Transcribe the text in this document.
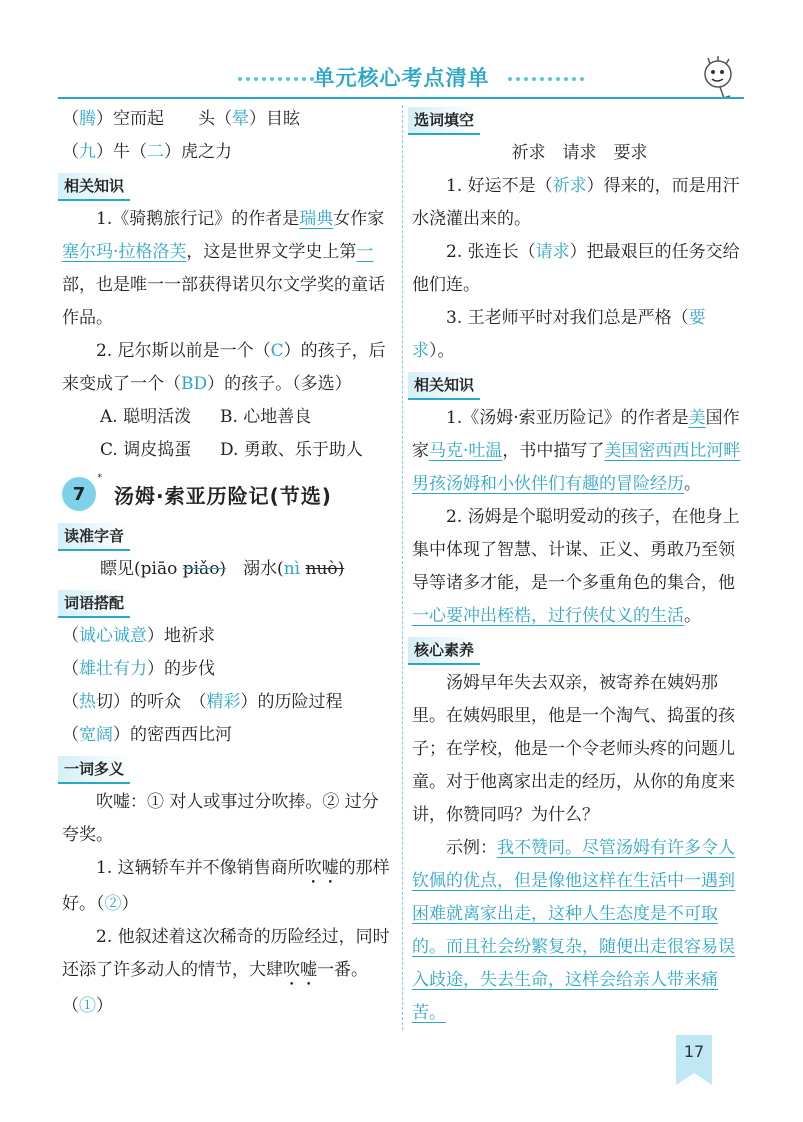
单元核心考点清单

（腾）空而起　　 头（晕）目眩

（九）牛（二）虎之力

相关知识

1.《骑鹅旅行记》的作者是瑞典女作家塞尔玛·拉格洛芙，这是世界文学史上第一部，也是唯一一部获得诺贝尔文学奖的童话作品。

2. 尼尔斯以前是一个（C）的孩子，后来变成了一个（BD）的孩子。（多选）

A. 聪明活泼	B. 心地善良
C. 调皮捣蛋	D. 勇敢、乐于助人
7
*
汤姆·索亚历险记(节选)
读准字音

瞟见(piāo piǎo)　 溺水(nì nuò)

词语搭配

（诚心诚意）地祈求

（雄壮有力）的步伐

（热切）的听众　（精彩）的历险过程

（宽阔）的密西西比河

一词多义

吹嘘：① 对人或事过分吹捧。② 过分夸奖。

1. 这辆轿车并不像销售商所吹嘘的那样好。（②）

2. 他叙述着这次稀奇的历险经过，同时还添了许多动人的情节，大肆吹嘘一番。（①）

选词填空

祈求　请求　要求

1. 好运不是（祈求）得来的，而是用汗水浇灌出来的。

2. 张连长（请求）把最艰巨的任务交给他们连。

3. 王老师平时对我们总是严格（要求）。

相关知识

1.《汤姆·索亚历险记》的作者是美国作家马克·吐温，书中描写了美国密西西比河畔男孩汤姆和小伙伴们有趣的冒险经历。

2. 汤姆是个聪明爱动的孩子，在他身上集中体现了智慧、计谋、正义、勇敢乃至领导等诸多才能，是一个多重角色的集合，他一心要冲出桎梏，过行侠仗义的生活。

核心素养

汤姆早年失去双亲，被寄养在姨妈那里。在姨妈眼里，他是一个淘气、捣蛋的孩子；在学校，他是一个令老师头疼的问题儿童。对于他离家出走的经历，从你的角度来讲，你赞同吗？为什么？

示例：我不赞同。尽管汤姆有许多令人钦佩的优点，但是像他这样在生活中一遇到困难就离家出走，这种人生态度是不可取的。而且社会纷繁复杂，随便出走很容易误入歧途，失去生命，这样会给亲人带来痛苦。

17
